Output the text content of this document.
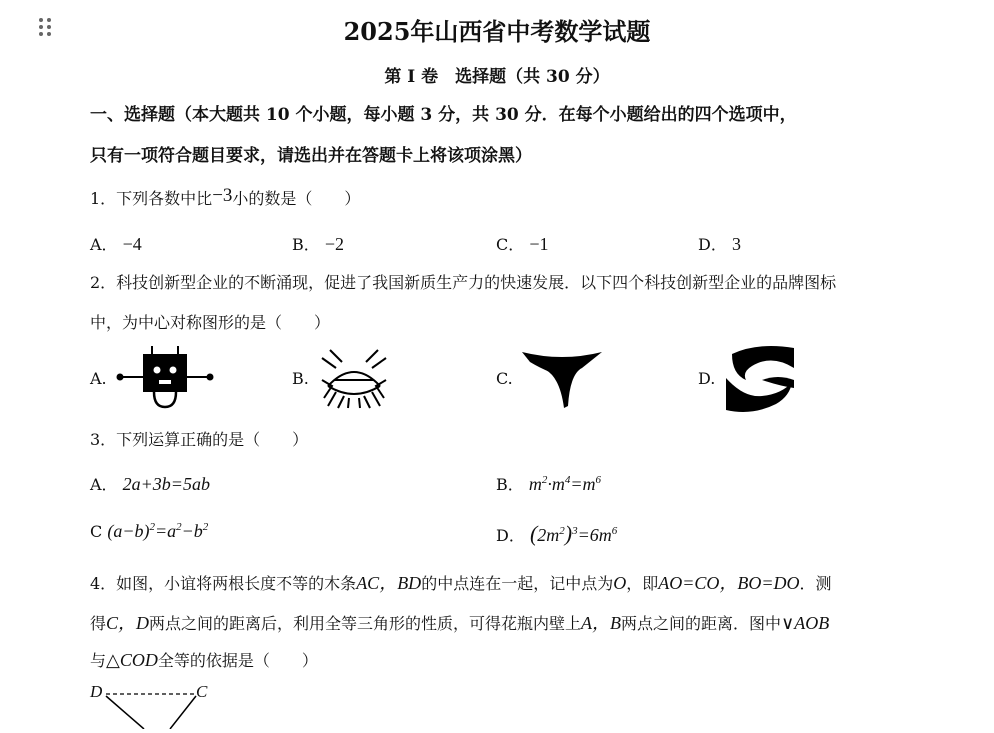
2025年山西省中考数学试题
第 I 卷　选择题（共 30 分）
一、选择题（本大题共 10 个小题，每小题 3 分，共 30 分．在每个小题给出的四个选项中，
只有一项符合题目要求，请选出并在答题卡上将该项涂黑）
1．下列各数中比−3小的数是（　　）
A． −4	B． −2	C． −1	D． 3
2．科技创新型企业的不断涌现，促进了我国新质生产力的快速发展．以下四个科技创新型企业的品牌图标
中，为中心对称图形的是（　　）
A.	B.	C.	D.
3．下列运算正确的是（　　）
A． 2a+3b=5ab	B． $m^2\cdot m^4=m^6$
C $(a-b)^2=a^2-b^2$	D． $(2m^2)^3=6m^6$
4．如图，小谊将两根长度不等的木条AC，BD的中点连在一起，记中点为O，即AO=CO，BO=DO．测
得C，D两点之间的距离后，利用全等三角形的性质，可得花瓶内壁上A，B两点之间的距离．图中∨AOB
与△COD全等的依据是（　　）
D	C
